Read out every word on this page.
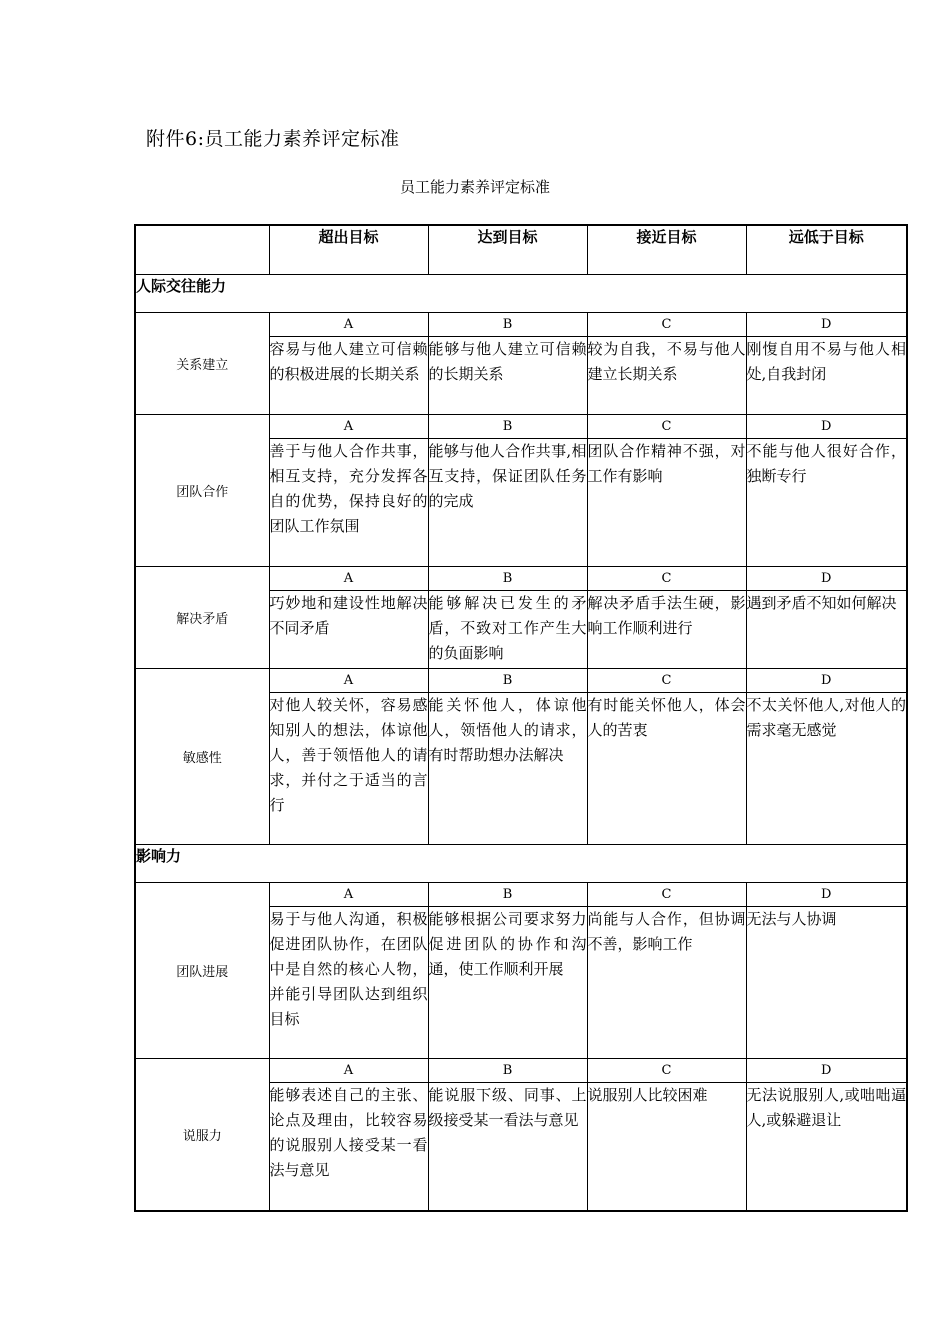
附件6:员工能力素养评定标准
员工能力素养评定标准
	超出目标	达到目标	接近目标	远低于目标
人际交往能力				
关系建立	A	B	C	D
	容易与他人建立可信赖的积极进展的长期关系	能够与他人建立可信赖的长期关系	较为自我，不易与他人建立长期关系	刚愎自用不易与他人相处,自我封闭
团队合作	A	B	C	D
	善于与他人合作共事，相互支持，充分发挥各自的优势，保持良好的团队工作氛围	能够与他人合作共事,相互支持，保证团队任务的完成	团队合作精神不强，对工作有影响	不能与他人很好合作，独断专行
解决矛盾	A	B	C	D
	巧妙地和建设性地解决不同矛盾	能够解决已发生的矛盾，不致对工作产生大的负面影响	解决矛盾手法生硬，影响工作顺利进行	遇到矛盾不知如何解决
敏感性	A	B	C	D
	对他人较关怀，容易感知别人的想法，体谅他人，善于领悟他人的请求，并付之于适当的言行	能关怀他人，体谅他人，领悟他人的请求，有时帮助想办法解决	有时能关怀他人，体会人的苦衷	不太关怀他人,对他人的需求毫无感觉
影响力				
团队进展	A	B	C	D
	易于与他人沟通，积极促进团队协作，在团队中是自然的核心人物，并能引导团队达到组织目标	能够根据公司要求努力促进团队的协作和沟通，使工作顺利开展	尚能与人合作，但协调不善，影响工作	无法与人协调
说服力	A	B	C	D
	能够表述自己的主张、论点及理由，比较容易的说服别人接受某一看法与意见	能说服下级、同事、上级接受某一看法与意见	说服别人比较困难	无法说服别人,或咄咄逼人,或躲避退让
